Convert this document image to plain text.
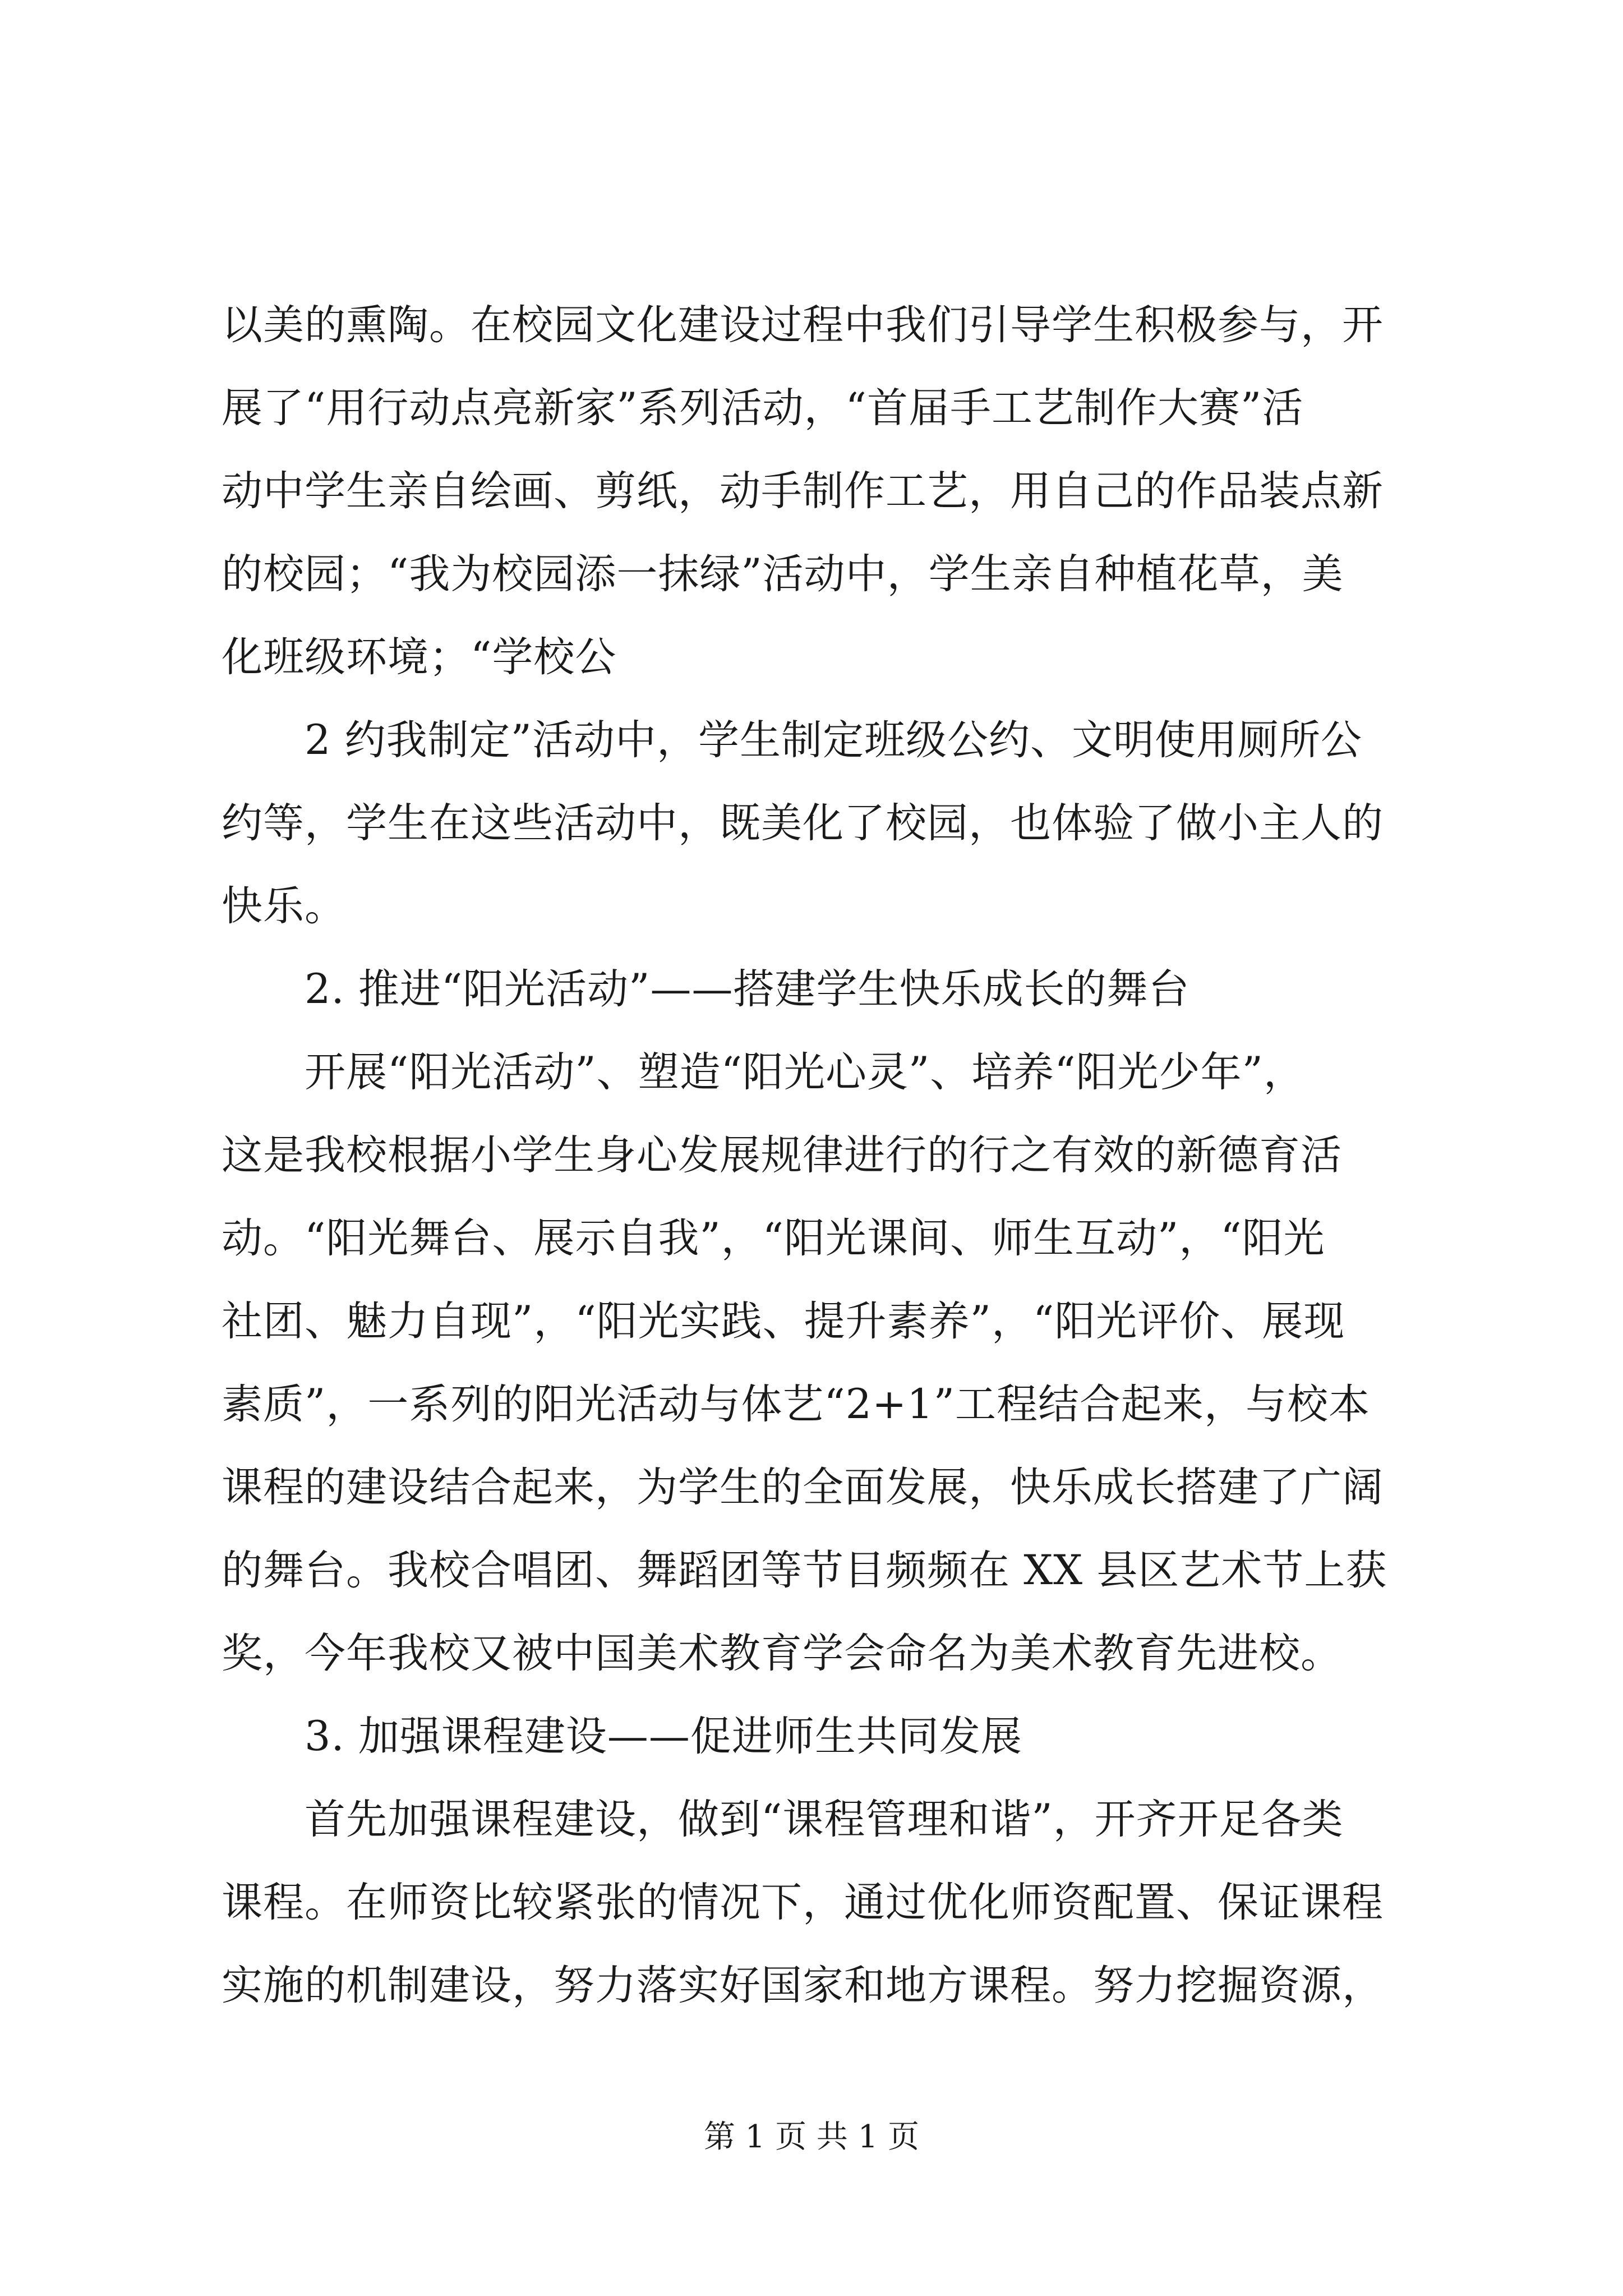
以美的熏陶。在校园文化建设过程中我们引导学生积极参与，开
展了“用行动点亮新家”系列活动，“首届手工艺制作大赛”活
动中学生亲自绘画、剪纸，动手制作工艺，用自己的作品装点新
的校园；“我为校园添一抹绿”活动中，学生亲自种植花草，美
化班级环境；“学校公
2 约我制定”活动中，学生制定班级公约、文明使用厕所公
约等，学生在这些活动中，既美化了校园，也体验了做小主人的
快乐。
2. 推进“阳光活动”——搭建学生快乐成长的舞台
开展“阳光活动”、塑造“阳光心灵”、培养“阳光少年”，
这是我校根据小学生身心发展规律进行的行之有效的新德育活
动。“阳光舞台、展示自我”，“阳光课间、师生互动”，“阳光
社团、魅力自现”，“阳光实践、提升素养”，“阳光评价、展现
素质”，一系列的阳光活动与体艺“2+1”工程结合起来，与校本
课程的建设结合起来，为学生的全面发展，快乐成长搭建了广阔
的舞台。我校合唱团、舞蹈团等节目频频在 XX 县区艺术节上获
奖，今年我校又被中国美术教育学会命名为美术教育先进校。
3. 加强课程建设——促进师生共同发展
首先加强课程建设，做到“课程管理和谐”，开齐开足各类
课程。在师资比较紧张的情况下，通过优化师资配置、保证课程
实施的机制建设，努力落实好国家和地方课程。努力挖掘资源，
第 1 页 共 1 页
